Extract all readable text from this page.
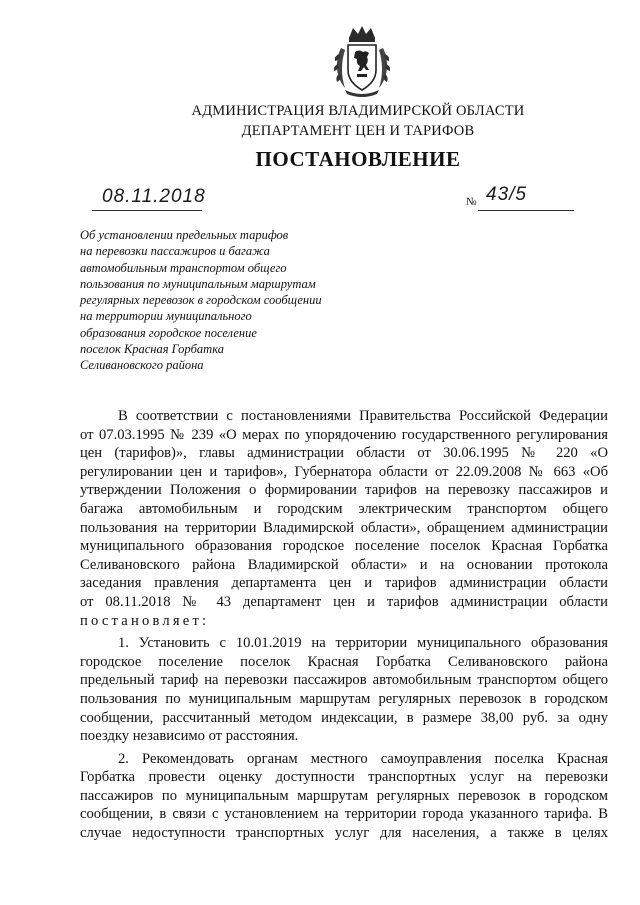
АДМИНИСТРАЦИЯ ВЛАДИМИРСКОЙ ОБЛАСТИ
ДЕПАРТАМЕНТ ЦЕН И ТАРИФОВ
ПОСТАНОВЛЕНИЕ
08.11.2018	№ 43/5
Об установлении предельных тарифов
на перевозки пассажиров и багажа
автомобильным транспортом общего
пользования по муниципальным маршрутам
регулярных перевозок в городском сообщении
на территории муниципального
образования городское поселение
поселок Красная Горбатка
Селивановского района
В соответствии с постановлениями Правительства Российской Федерации
от 07.03.1995 № 239 «О мерах по упорядочению государственного регулирования
цен (тарифов)», главы администрации области от 30.06.1995 № 220 «О
регулировании цен и тарифов», Губернатора области от 22.09.2008 № 663 «Об
утверждении Положения о формировании тарифов на перевозку пассажиров и
багажа автомобильным и городским электрическим транспортом общего
пользования на территории Владимирской области», обращением администрации
муниципального образования городское поселение поселок Красная Горбатка
Селивановского района Владимирской области» и на основании протокола
заседания правления департамента цен и тарифов администрации области
от 08.11.2018 № 43 департамент цен и тарифов администрации области
постановляет:
1. Установить с 10.01.2019 на территории муниципального образования
городское поселение поселок Красная Горбатка Селивановского района
предельный тариф на перевозки пассажиров автомобильным транспортом общего
пользования по муниципальным маршрутам регулярных перевозок в городском
сообщении, рассчитанный методом индексации, в размере 38,00 руб. за одну
поездку независимо от расстояния.
2. Рекомендовать органам местного самоуправления поселка Красная
Горбатка провести оценку доступности транспортных услуг на перевозки
пассажиров по муниципальным маршрутам регулярных перевозок в городском
сообщении, в связи с установлением на территории города указанного тарифа. В
случае недоступности транспортных услуг для населения, а также в целях
